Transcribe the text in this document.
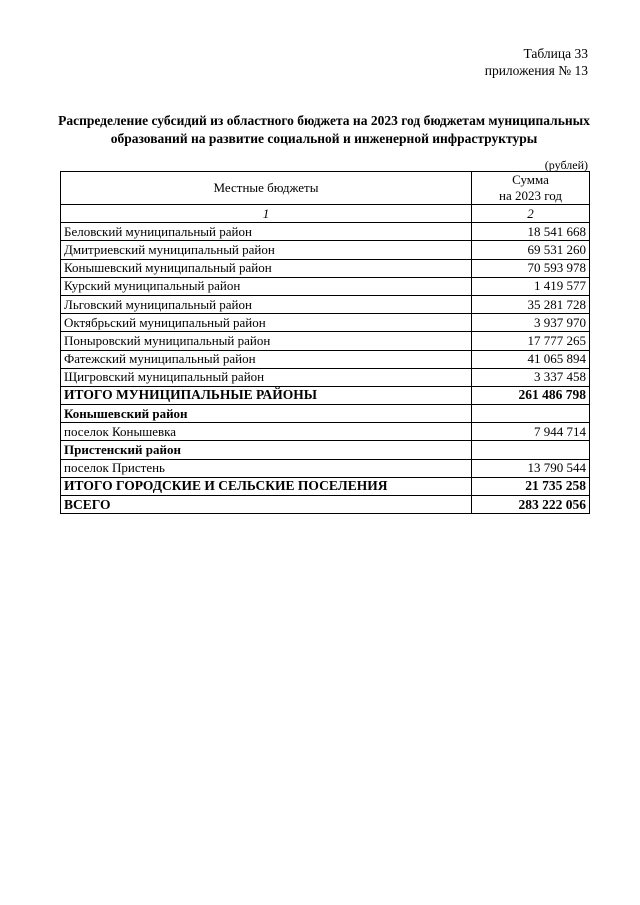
Таблица 33
приложения № 13
Распределение субсидий из областного бюджета на 2023 год бюджетам муниципальных
образований на развитие социальной и инженерной инфраструктуры
(рублей)
Местные бюджеты	Сумма
на 2023 год

1	2
Беловский муниципальный район	18 541 668
Дмитриевский муниципальный район	69 531 260
Конышевский муниципальный район	70 593 978
Курский муниципальный район	1 419 577
Льговский муниципальный район	35 281 728
Октябрьский муниципальный район	3 937 970
Поныровский муниципальный район	17 777 265
Фатежский муниципальный район	41 065 894
Щигровский муниципальный район	3 337 458
ИТОГО МУНИЦИПАЛЬНЫЕ РАЙОНЫ	261 486 798
Конышевский район	
поселок Конышевка	7 944 714
Пристенский район	
поселок Пристень	13 790 544
ИТОГО ГОРОДСКИЕ И СЕЛЬСКИЕ ПОСЕЛЕНИЯ	21 735 258
ВСЕГО	283 222 056
